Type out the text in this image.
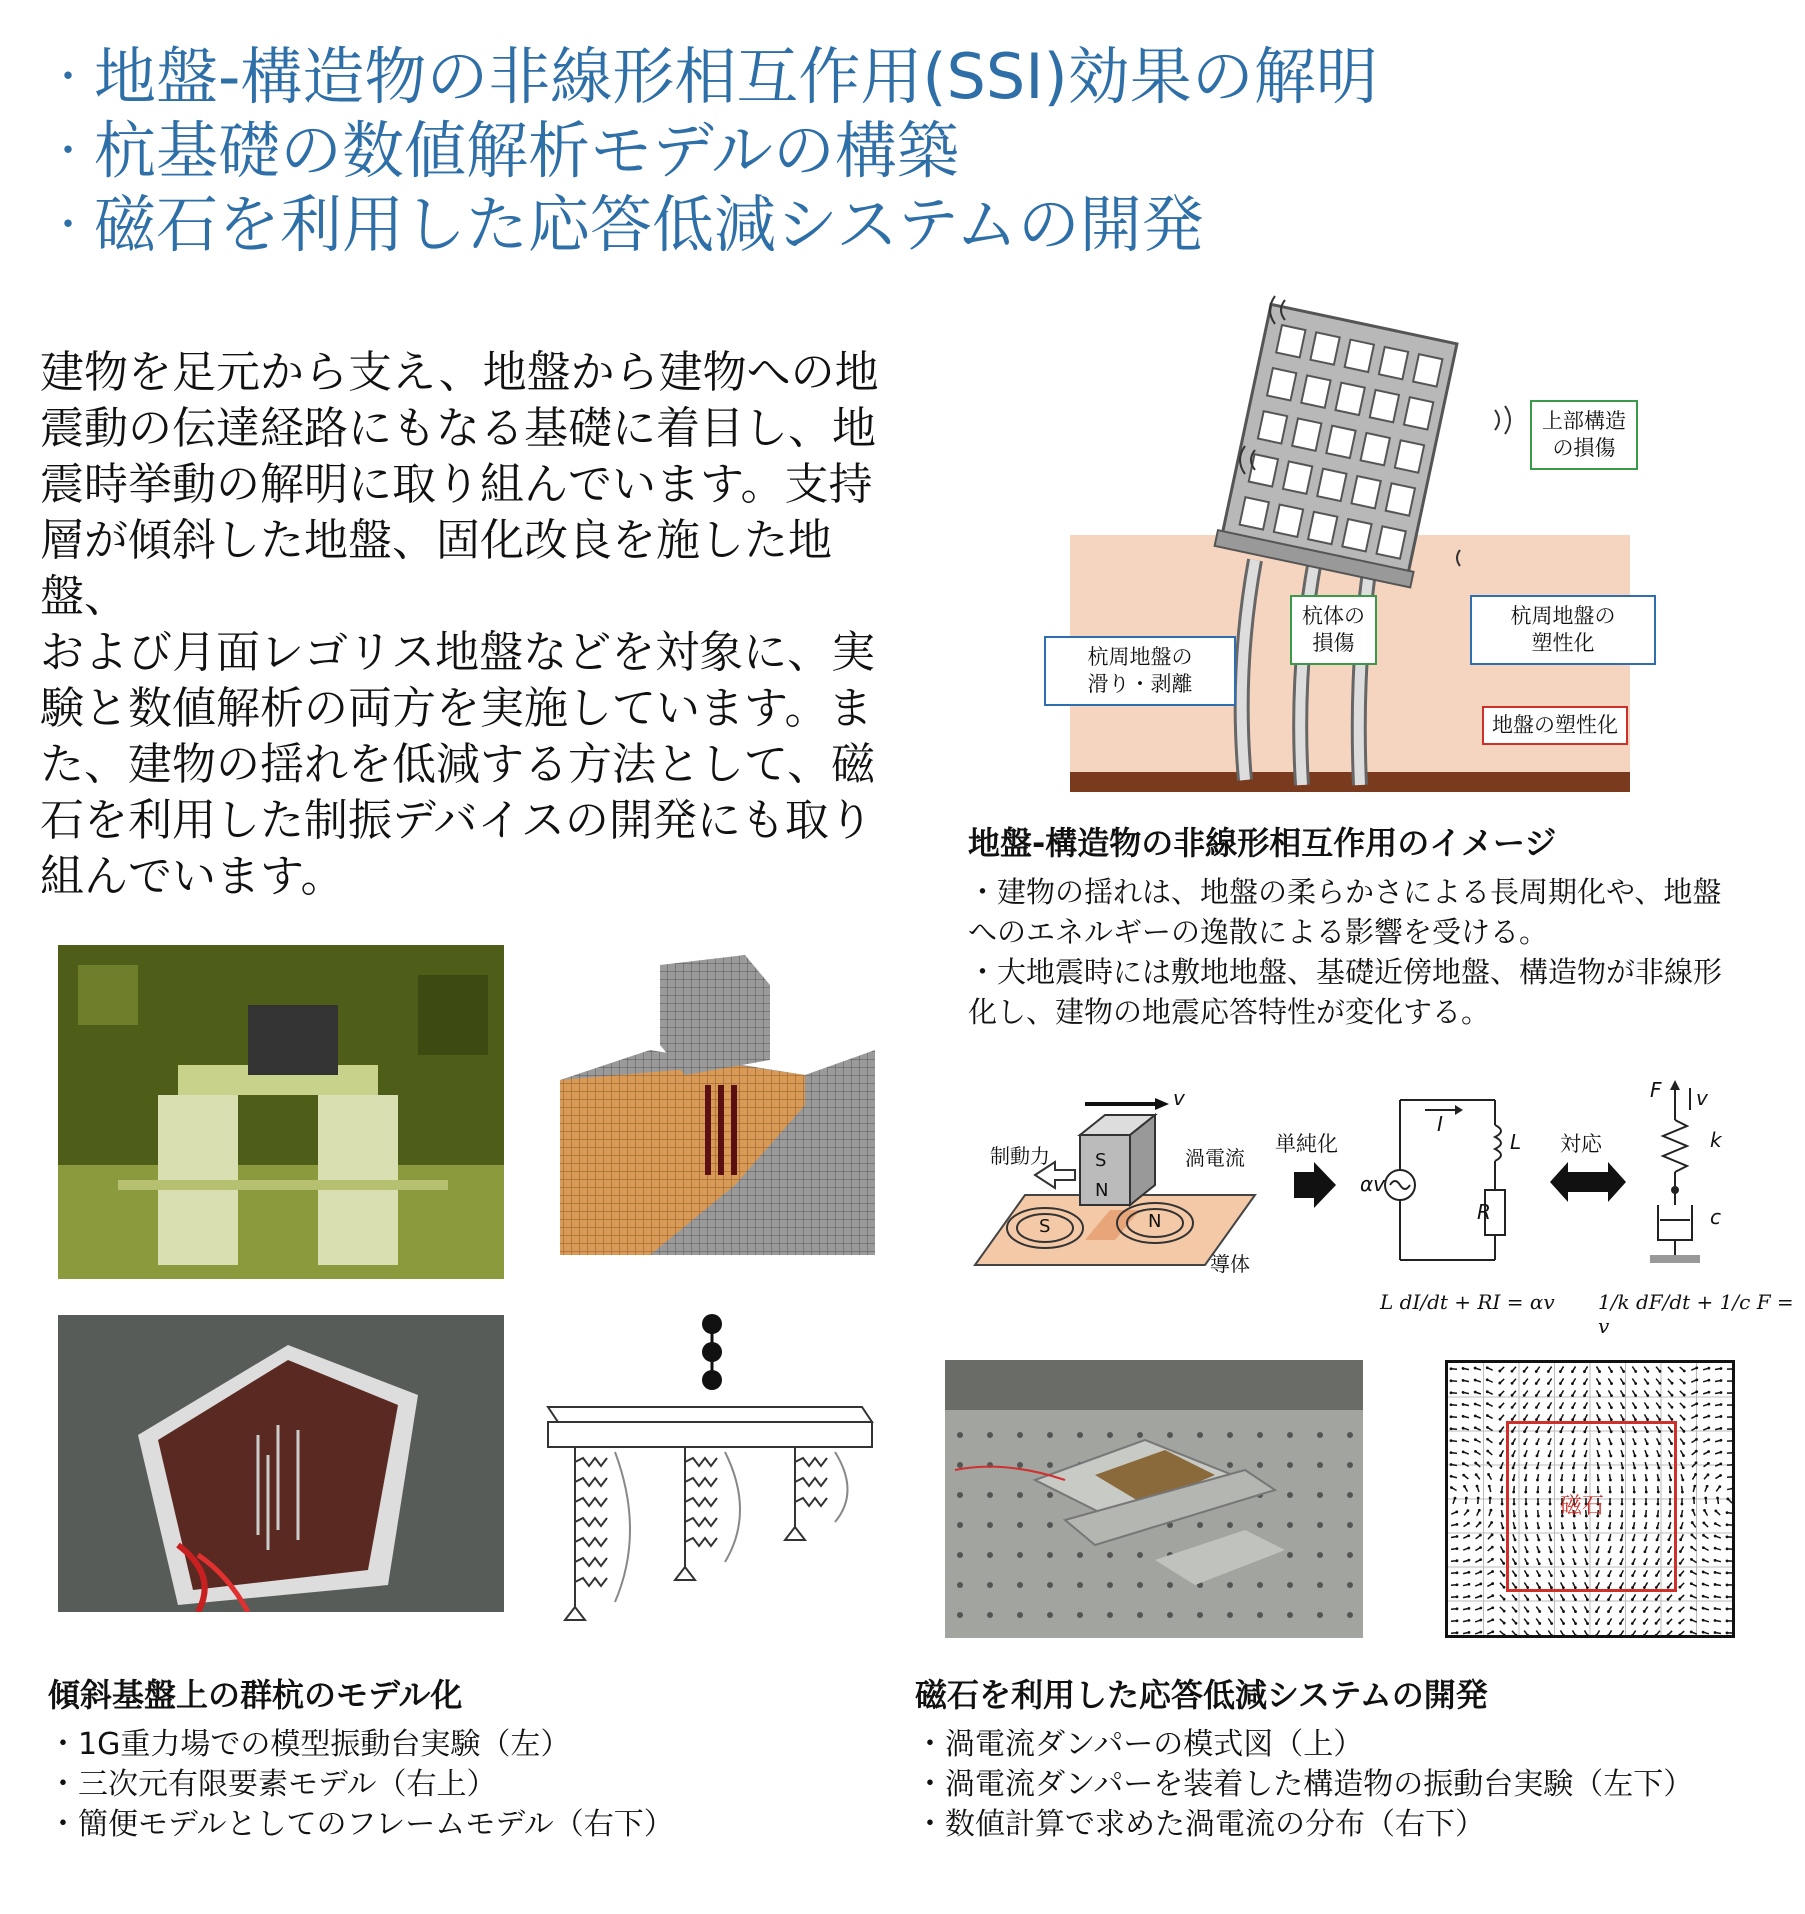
・ 地盤-構造物の非線形相互作用(SSI)効果の解明
・ 杭基礎の数値解析モデルの構築
・ 磁石を利用した応答低減システムの開発
建物を足元から支え、地盤から建物への地
震動の伝達経路にもなる基礎に着目し、地
震時挙動の解明に取り組んでいます。支持
層が傾斜した地盤、固化改良を施した地盤、
および月面レゴリス地盤などを対象に、実
験と数値解析の両方を実施しています。ま
た、建物の揺れを低減する方法として、磁
石を利用した制振デバイスの開発にも取り
組んでいます。
上部構造
の損傷
杭体の
損傷
杭周地盤の
滑り・剥離
杭周地盤の
塑性化
地盤の塑性化
地盤-構造物の非線形相互作用のイメージ
・建物の揺れは、地盤の柔らかさによる長周期化や、地盤
へのエネルギーの逸散による影響を受ける。
・大地震時には敷地地盤、基礎近傍地盤、構造物が非線形
化し、建物の地震応答特性が変化する。
v
制動力	渦電流
導体
S
N
S	N
単純化
I
L
R
αv
L dI/dt + RI = αv
対応
F v
k
c
1/k dF/dt + 1/c F = v
磁石
傾斜基盤上の群杭のモデル化
・1G重力場での模型振動台実験（左）
・三次元有限要素モデル（右上）
・簡便モデルとしてのフレームモデル（右下）
磁石を利用した応答低減システムの開発
・渦電流ダンパーの模式図（上）
・渦電流ダンパーを装着した構造物の振動台実験（左下）
・数値計算で求めた渦電流の分布（右下）
